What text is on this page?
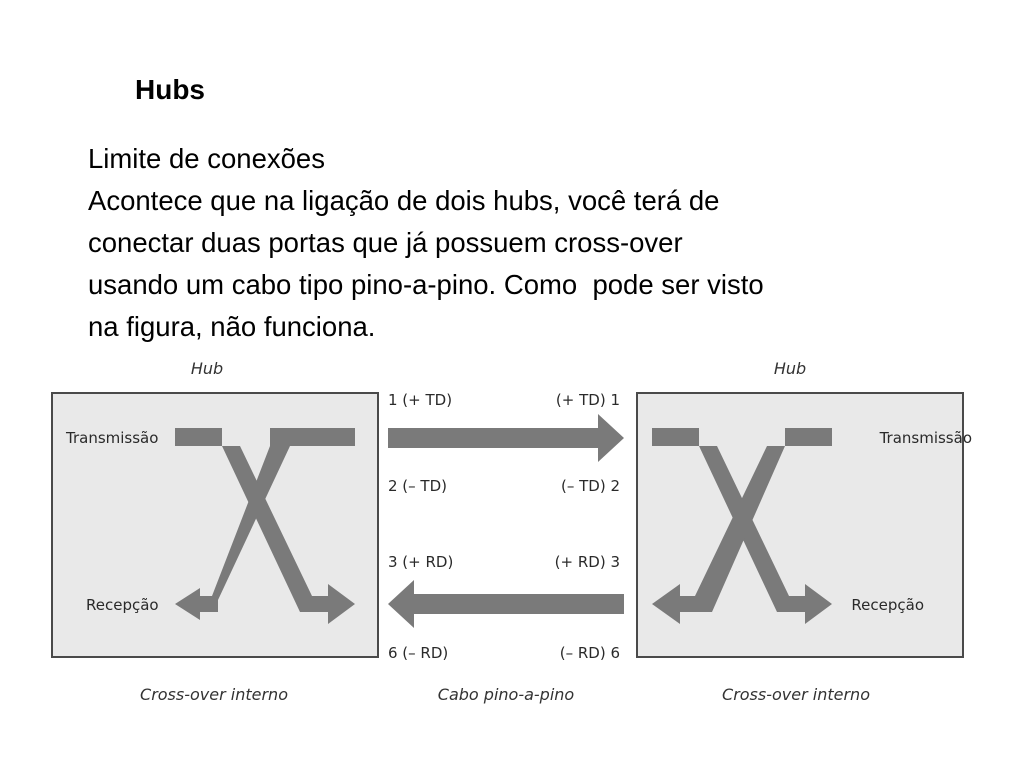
Hubs
Limite de conexões
Acontece que na ligação de dois hubs, você terá de
conectar duas portas que já possuem cross-over
usando um cabo tipo pino-a-pino. Como  pode ser visto
na figura, não funciona.
Hub
Transmissão
Recepção
Cross-over interno
1 (+ TD)
2 (– TD)
3 (+ RD)
6 (– RD)
(+ TD) 1
(– TD) 2
(+ RD) 3
(– RD) 6
Cabo pino-a-pino
Hub
Transmissão
Recepção
Cross-over interno
